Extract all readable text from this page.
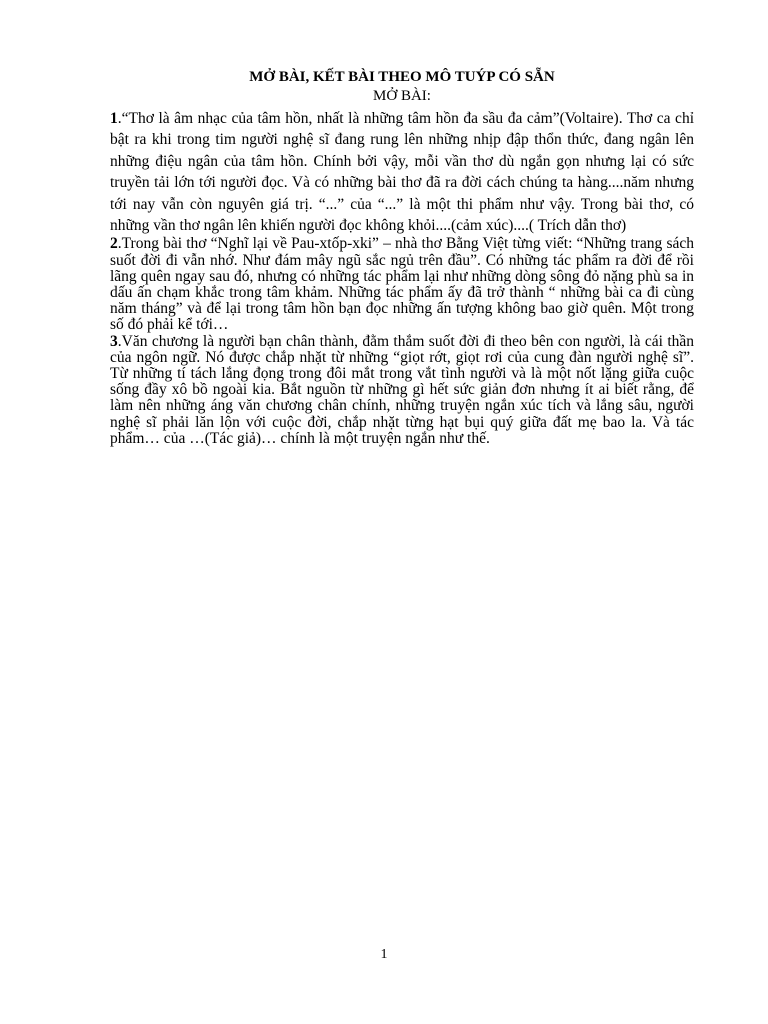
MỞ BÀI, KẾT BÀI THEO MÔ TUÝP CÓ SẴN

MỞ BÀI:

1.“Thơ là âm nhạc của tâm hồn, nhất là những tâm hồn đa sầu đa cảm”(Voltaire). Thơ ca chỉ bật ra khi trong tim người nghệ sĩ đang rung lên những nhịp đập thổn thức, đang ngân lên những điệu ngân của tâm hồn. Chính bởi vậy, mỗi vần thơ dù ngắn gọn nhưng lại có sức truyền tải lớn tới người đọc. Và có những bài thơ đã ra đời cách chúng ta hàng....năm nhưng tới nay vẫn còn nguyên giá trị. “...” của “...” là một thi phẩm như vậy. Trong bài thơ, có những vần thơ ngân lên khiến người đọc không khỏi....(cảm xúc)....( Trích dẫn thơ)

2.Trong bài thơ “Nghĩ lại về Pau-xtốp-xki” – nhà thơ Bằng Việt từng viết: “Những trang sách suốt đời đi vẫn nhớ. Như đám mây ngũ sắc ngủ trên đầu”. Có những tác phẩm ra đời để rồi lãng quên ngay sau đó, nhưng có những tác phẩm lại như những dòng sông đỏ nặng phù sa in dấu ấn chạm khắc trong tâm khảm. Những tác phẩm ấy đã trở thành “ những bài ca đi cùng năm tháng” và để lại trong tâm hồn bạn đọc những ấn tượng không bao giờ quên. Một trong số đó phải kể tới…

3.Văn chương là người bạn chân thành, đằm thắm suốt đời đi theo bên con người, là cái thần của ngôn ngữ. Nó được chắp nhặt từ những “giọt rớt, giọt rơi của cung đàn người nghệ sĩ”. Từ những tí tách lắng đọng trong đôi mắt trong vắt tình người và là một nốt lặng giữa cuộc sống đầy xô bồ ngoài kia. Bắt nguồn từ những gì hết sức giản đơn nhưng ít ai biết rằng, để làm nên những áng văn chương chân chính, những truyện ngắn xúc tích và lắng sâu, người nghệ sĩ phải lăn lộn với cuộc đời, chắp nhặt từng hạt bụi quý giữa đất mẹ bao la. Và tác phẩm… của …(Tác giả)… chính là một truyện ngắn như thế.

1
